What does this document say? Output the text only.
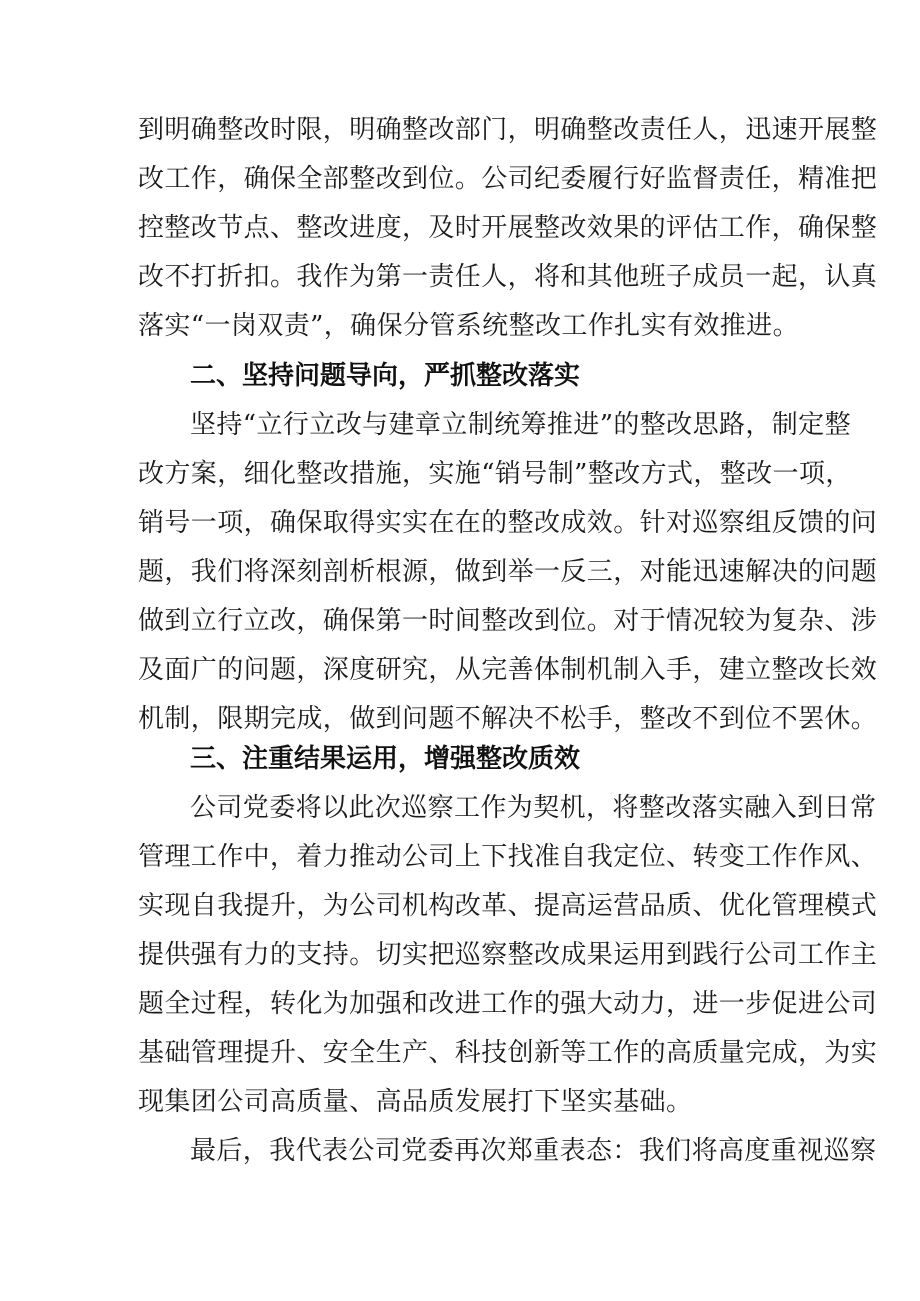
到明确整改时限，明确整改部门，明确整改责任人，迅速开展整
改工作，确保全部整改到位。公司纪委履行好监督责任，精准把
控整改节点、整改进度，及时开展整改效果的评估工作，确保整
改不打折扣。我作为第一责任人，将和其他班子成员一起，认真
落实“一岗双责”，确保分管系统整改工作扎实有效推进。
二、坚持问题导向，严抓整改落实
坚持“立行立改与建章立制统筹推进”的整改思路，制定整
改方案，细化整改措施，实施“销号制”整改方式，整改一项，
销号一项，确保取得实实在在的整改成效。针对巡察组反馈的问
题，我们将深刻剖析根源，做到举一反三，对能迅速解决的问题
做到立行立改，确保第一时间整改到位。对于情况较为复杂、涉
及面广的问题，深度研究，从完善体制机制入手，建立整改长效
机制，限期完成，做到问题不解决不松手，整改不到位不罢休。
三、注重结果运用，增强整改质效
公司党委将以此次巡察工作为契机，将整改落实融入到日常
管理工作中，着力推动公司上下找准自我定位、转变工作作风、
实现自我提升，为公司机构改革、提高运营品质、优化管理模式
提供强有力的支持。切实把巡察整改成果运用到践行公司工作主
题全过程，转化为加强和改进工作的强大动力，进一步促进公司
基础管理提升、安全生产、科技创新等工作的高质量完成，为实
现集团公司高质量、高品质发展打下坚实基础。
最后，我代表公司党委再次郑重表态：我们将高度重视巡察
